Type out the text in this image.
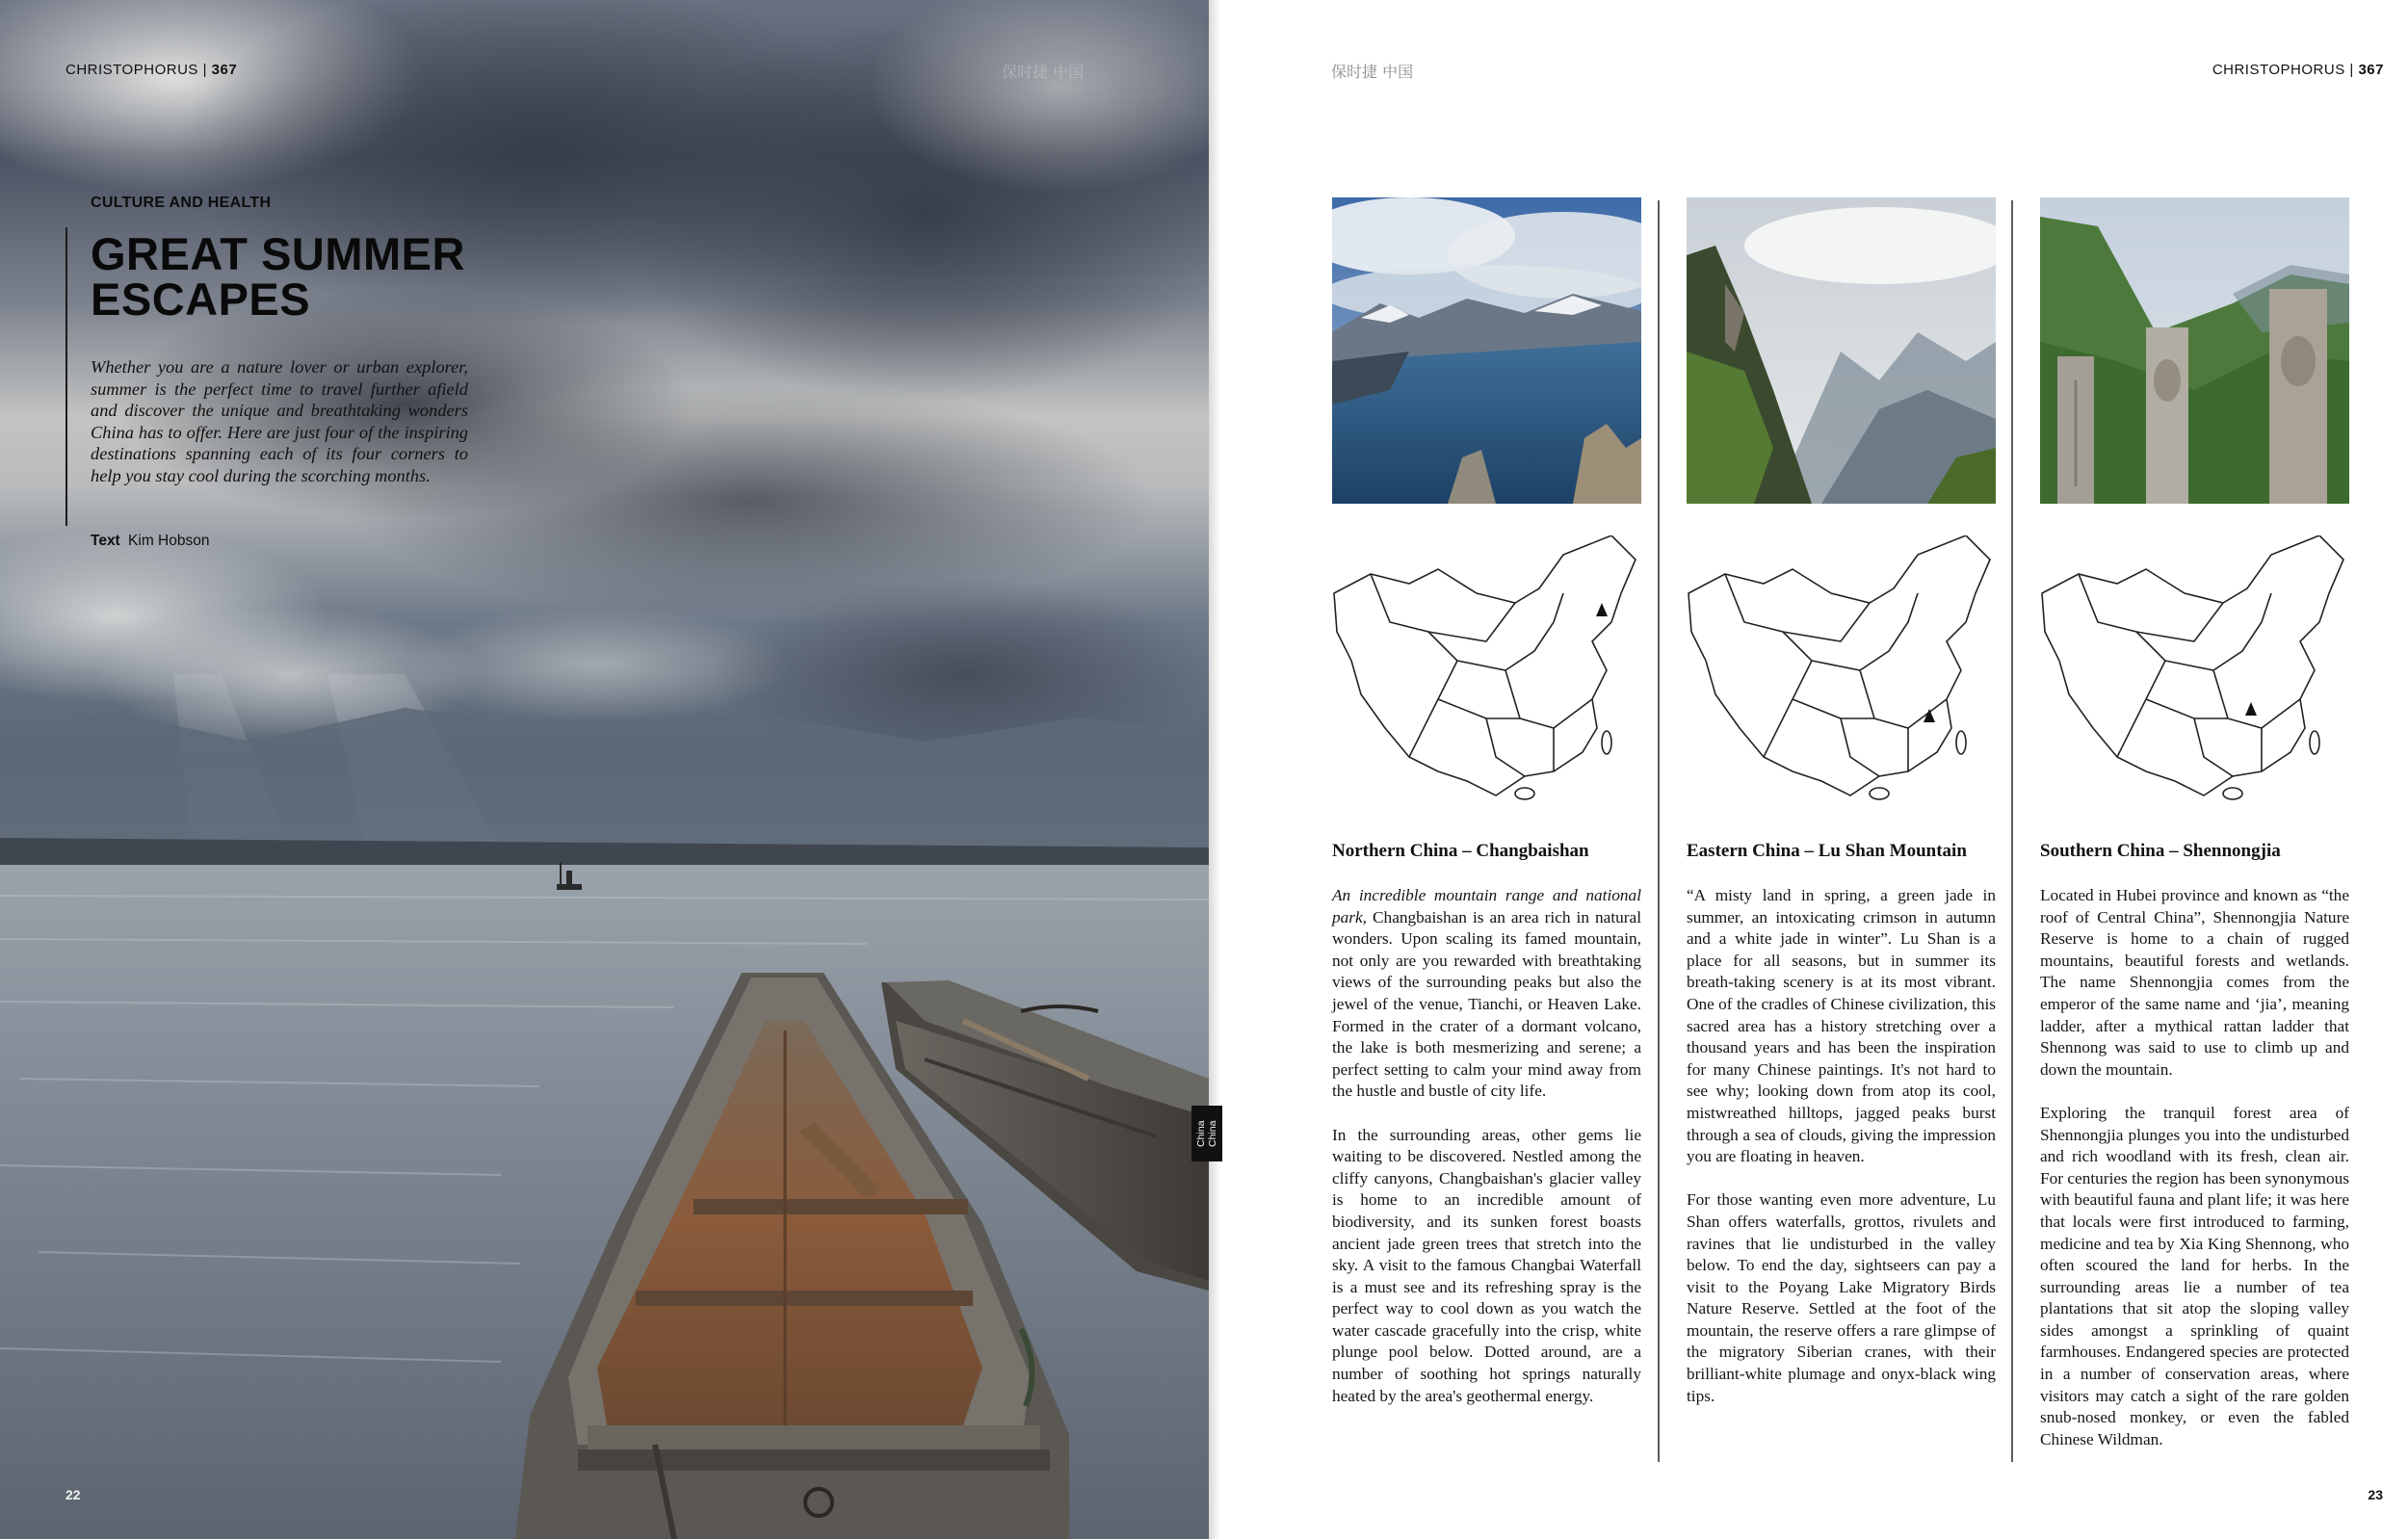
CHRISTOPHORUS | 367	保时捷 中国
CULTURE AND HEALTH
GREAT SUMMER ESCAPES

Whether you are a nature lover or urban explorer, summer is the perfect time to travel further afield and discover the unique and breathtaking wonders China has to offer. Here are just four of the inspiring destinations spanning each of its four corners to help you stay cool during the scorching months.

Text Kim Hobson
22
China China
保时捷 中国	CHRISTOPHORUS | 367
Northern China – Changbaishan

An incredible mountain range and national park, Changbaishan is an area rich in natural wonders. Upon scaling its famed mountain, not only are you rewarded with breathtaking views of the surrounding peaks but also the jewel of the venue, Tianchi, or Heaven Lake. Formed in the crater of a dormant volcano, the lake is both mesmerizing and serene; a perfect setting to calm your mind away from the hustle and bustle of city life.

In the surrounding areas, other gems lie waiting to be discovered. Nestled among the cliffy canyons, Changbaishan's glacier valley is home to an incredible amount of biodiversity, and its sunken forest boasts ancient jade green trees that stretch into the sky. A visit to the famous Changbai Waterfall is a must see and its refreshing spray is the perfect way to cool down as you watch the water cascade gracefully into the crisp, white plunge pool below. Dotted around, are a number of soothing hot springs naturally heated by the area's geothermal energy.

Eastern China – Lu Shan Mountain

“A misty land in spring, a green jade in summer, an intoxicating crimson in autumn and a white jade in winter”. Lu Shan is a place for all seasons, but in summer its breath-taking scenery is at its most vibrant. One of the cradles of Chinese civilization, this sacred area has a history stretching over a thousand years and has been the inspiration for many Chinese paintings. It's not hard to see why; looking down from atop its cool, mistwreathed hilltops, jagged peaks burst through a sea of clouds, giving the impression you are floating in heaven.

For those wanting even more adventure, Lu Shan offers waterfalls, grottos, rivulets and ravines that lie undisturbed in the valley below. To end the day, sightseers can pay a visit to the Poyang Lake Migratory Birds Nature Reserve. Settled at the foot of the mountain, the reserve offers a rare glimpse of the migratory Siberian cranes, with their brilliant-white plumage and onyx-black wing tips.

Southern China – Shennongjia

Located in Hubei province and known as “the roof of Central China”, Shennongjia Nature Reserve is home to a chain of rugged mountains, beautiful forests and wetlands. The name Shennongjia comes from the emperor of the same name and ‘jia’, meaning ladder, after a mythical rattan ladder that Shennong was said to use to climb up and down the mountain.

Exploring the tranquil forest area of Shennongjia plunges you into the undisturbed and rich woodland with its fresh, clean air. For centuries the region has been synonymous with beautiful fauna and plant life; it was here that locals were first introduced to farming, medicine and tea by Xia King Shennong, who often scoured the land for herbs. In the surrounding areas lie a number of tea plantations that sit atop the sloping valley sides amongst a sprinkling of quaint farmhouses. Endangered species are protected in a number of conservation areas, where visitors may catch a sight of the rare golden snub-nosed monkey, or even the fabled Chinese Wildman.

23
